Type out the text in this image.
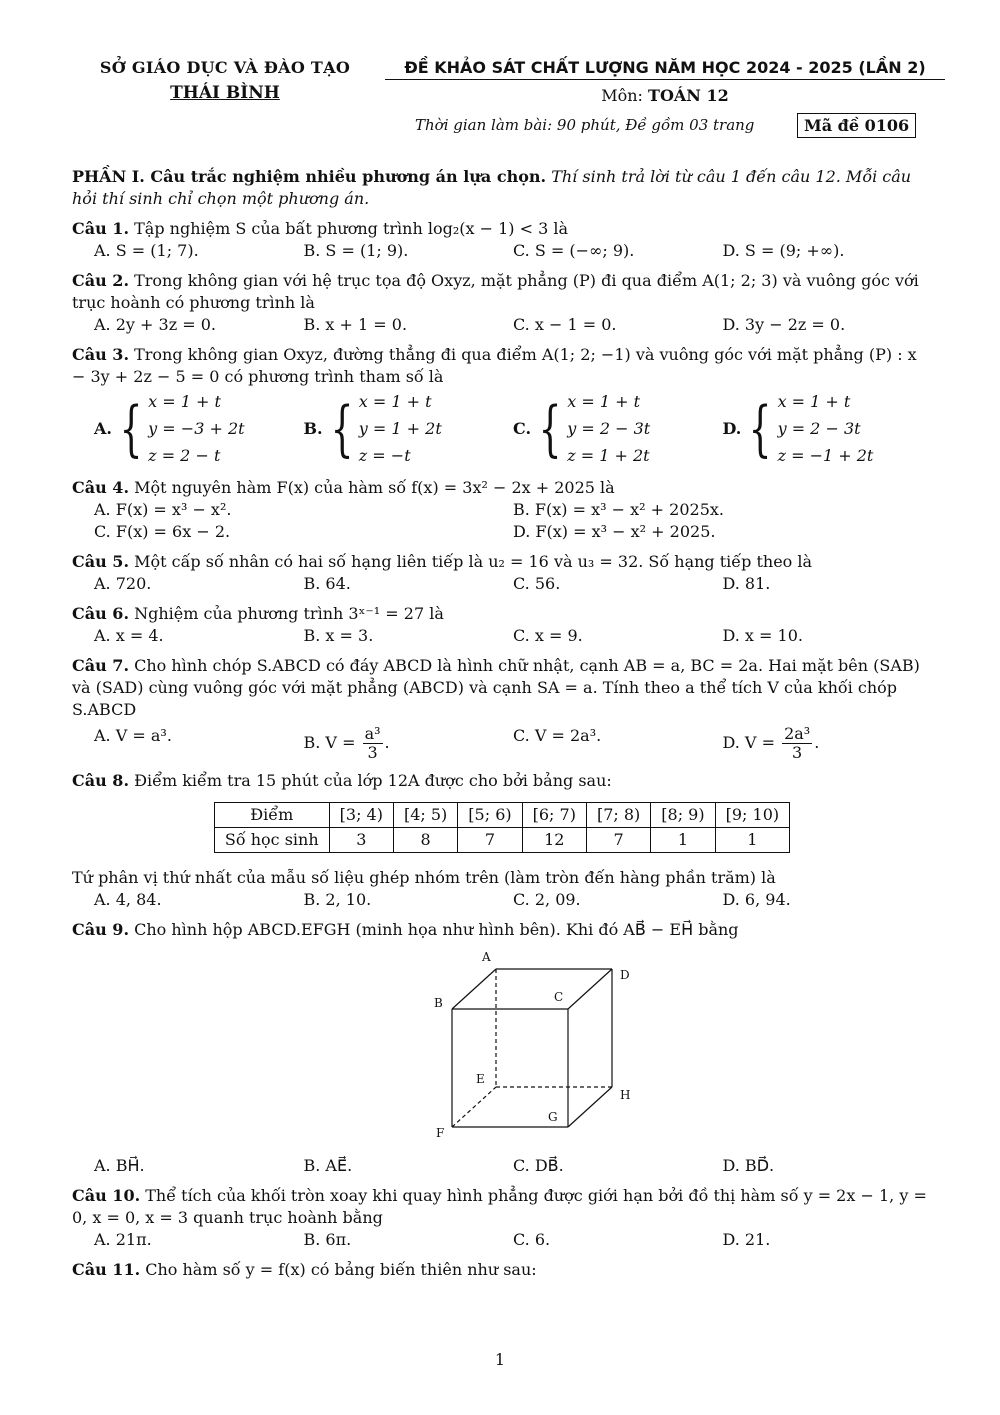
SỞ GIÁO DỤC VÀ ĐÀO TẠO
THÁI BÌNH
ĐỀ KHẢO SÁT CHẤT LƯỢNG NĂM HỌC 2024 - 2025 (LẦN 2)
Môn: TOÁN 12
Thời gian làm bài: 90 phút, Đề gồm 03 trang	Mã đề 0106

PHẦN I. Câu trắc nghiệm nhiều phương án lựa chọn. Thí sinh trả lời từ câu 1 đến câu 12. Mỗi câu hỏi thí sinh chỉ chọn một phương án.

Câu 1. Tập nghiệm S của bất phương trình log₂(x − 1) < 3 là
A. S = (1; 7).	B. S = (1; 9).	C. S = (−∞; 9).	D. S = (9; +∞).
Câu 2. Trong không gian với hệ trục tọa độ Oxyz, mặt phẳng (P) đi qua điểm A(1; 2; 3) và vuông góc với trục hoành có phương trình là
A. 2y + 3z = 0.	B. x + 1 = 0.	C. x − 1 = 0.	D. 3y − 2z = 0.
Câu 3. Trong không gian Oxyz, đường thẳng đi qua điểm A(1; 2; −1) và vuông góc với mặt phẳng (P) : x − 3y + 2z − 5 = 0 có phương trình tham số là
A. { x = 1 + t
y = −3 + 2t
z = 2 − t
B. { x = 1 + t
y = 1 + 2t
z = −t
C. { x = 1 + t
y = 2 − 3t
z = 1 + 2t
D. { x = 1 + t
y = 2 − 3t
z = −1 + 2t
Câu 4. Một nguyên hàm F(x) của hàm số f(x) = 3x² − 2x + 2025 là
A. F(x) = x³ − x².	B. F(x) = x³ − x² + 2025x.
C. F(x) = 6x − 2.	D. F(x) = x³ − x² + 2025.
Câu 5. Một cấp số nhân có hai số hạng liên tiếp là u₂ = 16 và u₃ = 32. Số hạng tiếp theo là
A. 720.	B. 64.	C. 56.	D. 81.
Câu 6. Nghiệm của phương trình 3ˣ⁻¹ = 27 là
A. x = 4.	B. x = 3.	C. x = 9.	D. x = 10.
Câu 7. Cho hình chóp S.ABCD có đáy ABCD là hình chữ nhật, cạnh AB = a, BC = 2a. Hai mặt bên (SAB) và (SAD) cùng vuông góc với mặt phẳng (ABCD) và cạnh SA = a. Tính theo a thể tích V của khối chóp S.ABCD
A. V = a³.	B. $V = \frac{\text{a³}}{3}$ .	C. V = 2a³.	D. $V = \frac{\text{2a³}}{3}$ .
Câu 8. Điểm kiểm tra 15 phút của lớp 12A được cho bởi bảng sau:
Điểm	[3; 4)	[4; 5)	[5; 6)	[6; 7)	[7; 8)	[8; 9)	[9; 10)
Số học sinh	3	8	7	12	7	1	1
Tứ phân vị thứ nhất của mẫu số liệu ghép nhóm trên (làm tròn đến hàng phần trăm) là
A. 4, 84.	B. 2, 10.	C. 2, 09.	D. 6, 94.
Câu 9. Cho hình hộp ABCD.EFGH (minh họa như hình bên). Khi đó AB⃗ − EH⃗ bằng
A
D
B	C
E
H
F
G
A. BH⃗.	B. AE⃗.	C. DB⃗.	D. BD⃗.
Câu 10. Thể tích của khối tròn xoay khi quay hình phẳng được giới hạn bởi đồ thị hàm số y = 2x − 1, y = 0, x = 0, x = 3 quanh trục hoành bằng
A. 21π.	B. 6π.	C. 6.	D. 21.
Câu 11. Cho hàm số y = f(x) có bảng biến thiên như sau:
1
